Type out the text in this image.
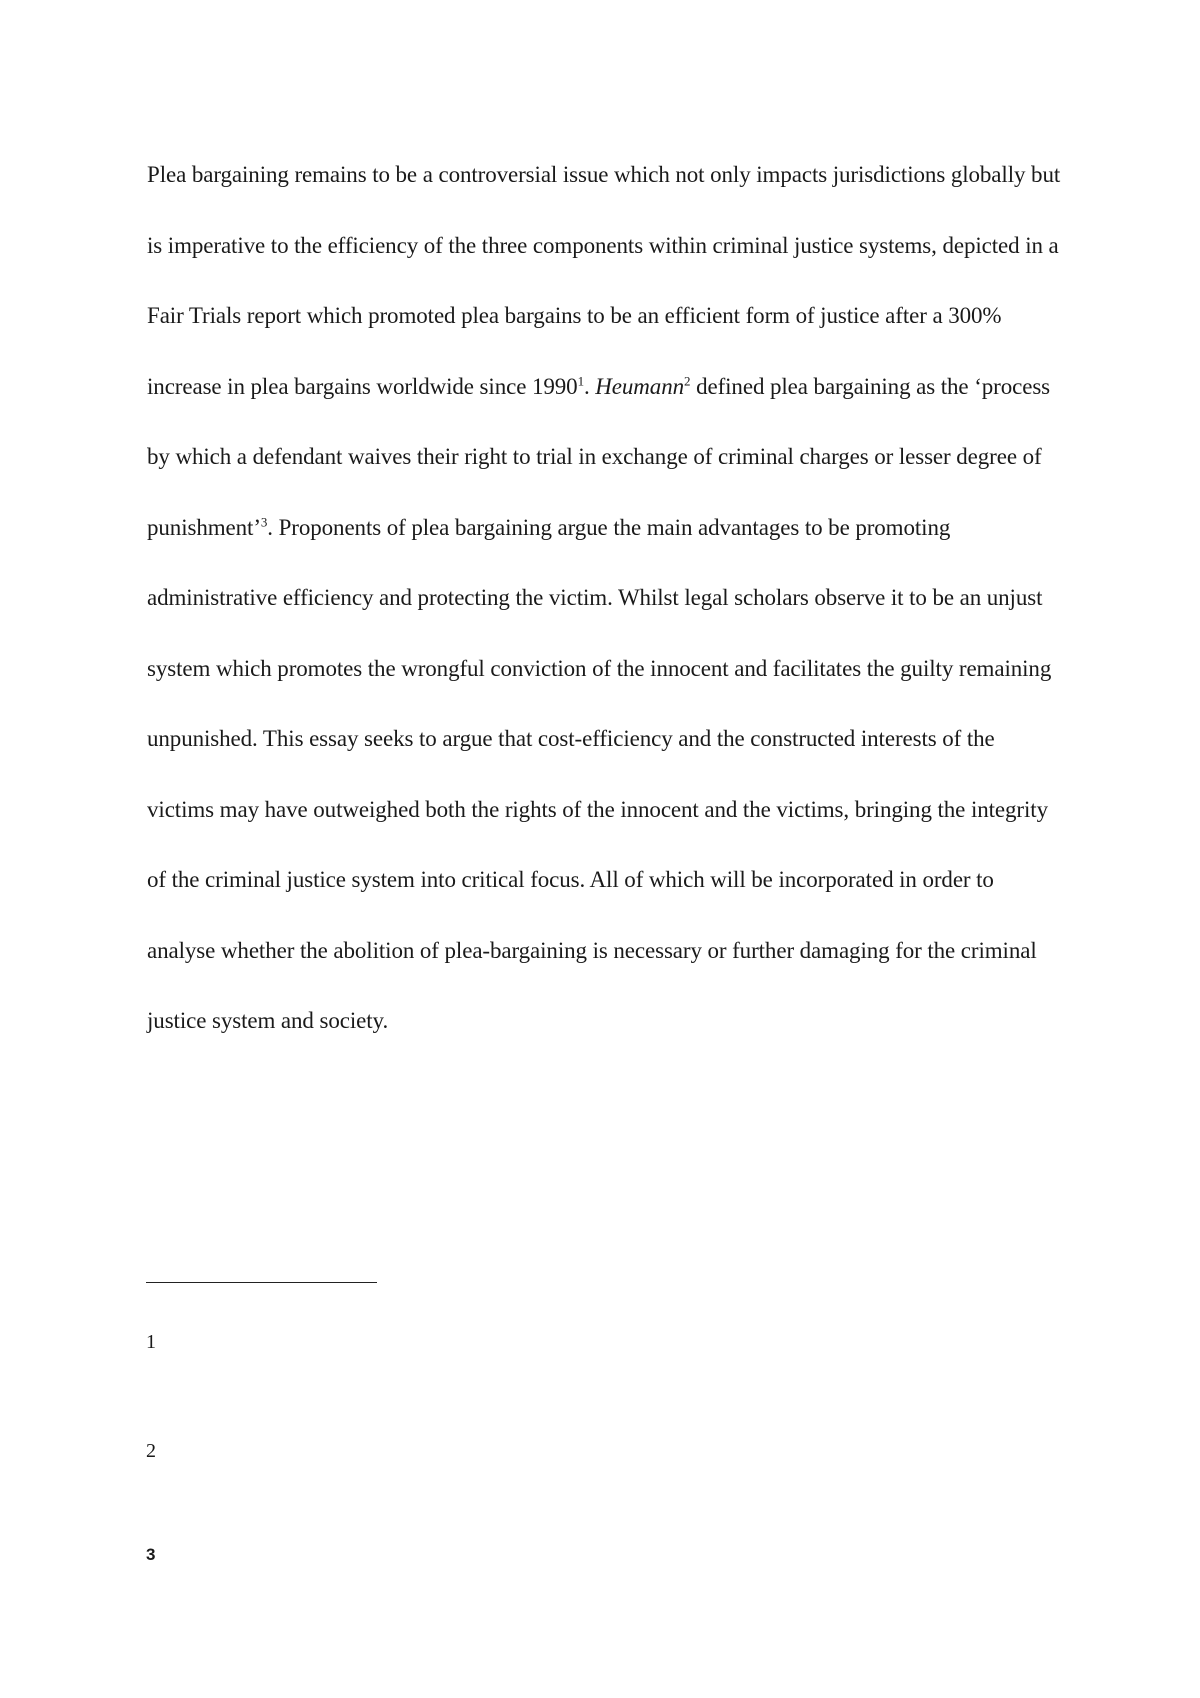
Plea bargaining remains to be a controversial issue which not only impacts jurisdictions globally but is imperative to the efficiency of the three components within criminal justice systems, depicted in a Fair Trials report which promoted plea bargains to be an efficient form of justice after a 300% increase in plea bargains worldwide since 1990$^1$. Heumann$^2$ defined plea bargaining as the ‘process by which a defendant waives their right to trial in exchange of criminal charges or lesser degree of punishment’$^3$. Proponents of plea bargaining argue the main advantages to be promoting administrative efficiency and protecting the victim. Whilst legal scholars observe it to be an unjust system which promotes the wrongful conviction of the innocent and facilitates the guilty remaining unpunished. This essay seeks to argue that cost-efficiency and the constructed interests of the victims may have outweighed both the rights of the innocent and the victims, bringing the integrity of the criminal justice system into critical focus. All of which will be incorporated in order to analyse whether the abolition of plea-bargaining is necessary or further damaging for the criminal justice system and society.

1
2
3
